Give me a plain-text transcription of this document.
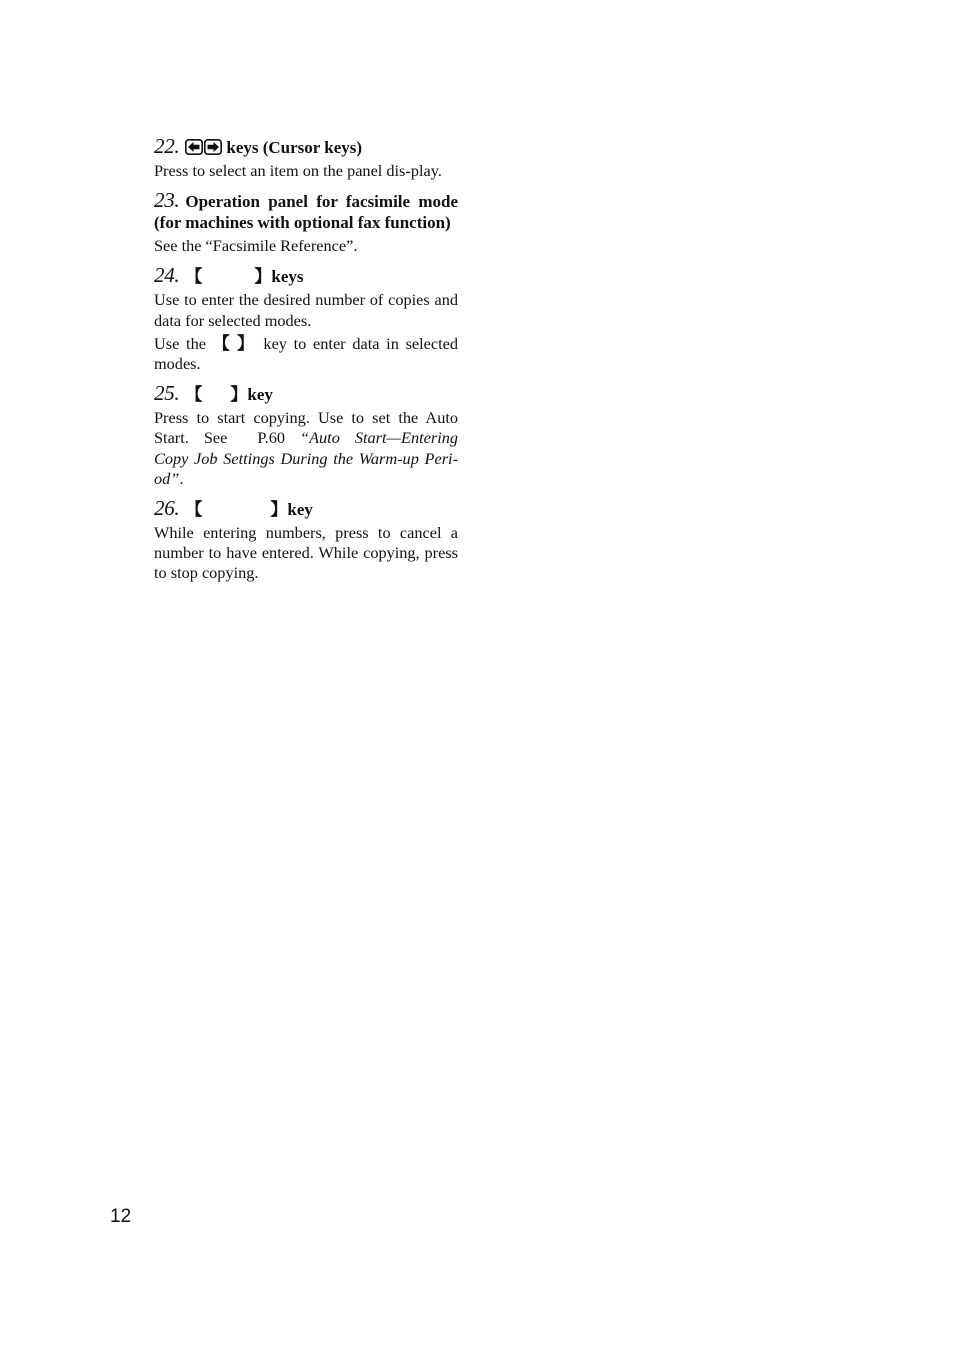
22.	keys (Cursor keys)

Press to select an item on the panel dis-play.

23. Operation panel for facsimile mode (for machines with optional fax function)

See the “Facsimile Reference”.

24. 【	】keys

Use to enter the desired number of copies and data for selected modes.

Use the 【 】 key to enter data in selected modes.

25. 【 】key

Press to start copying. Use to set the Auto Start. See P.60 “Auto Start—Entering Copy Job Settings During the Warm-up Peri-od”.

26. 【	】key

While entering numbers, press to cancel a number to have entered. While copying, press to stop copying.

12
